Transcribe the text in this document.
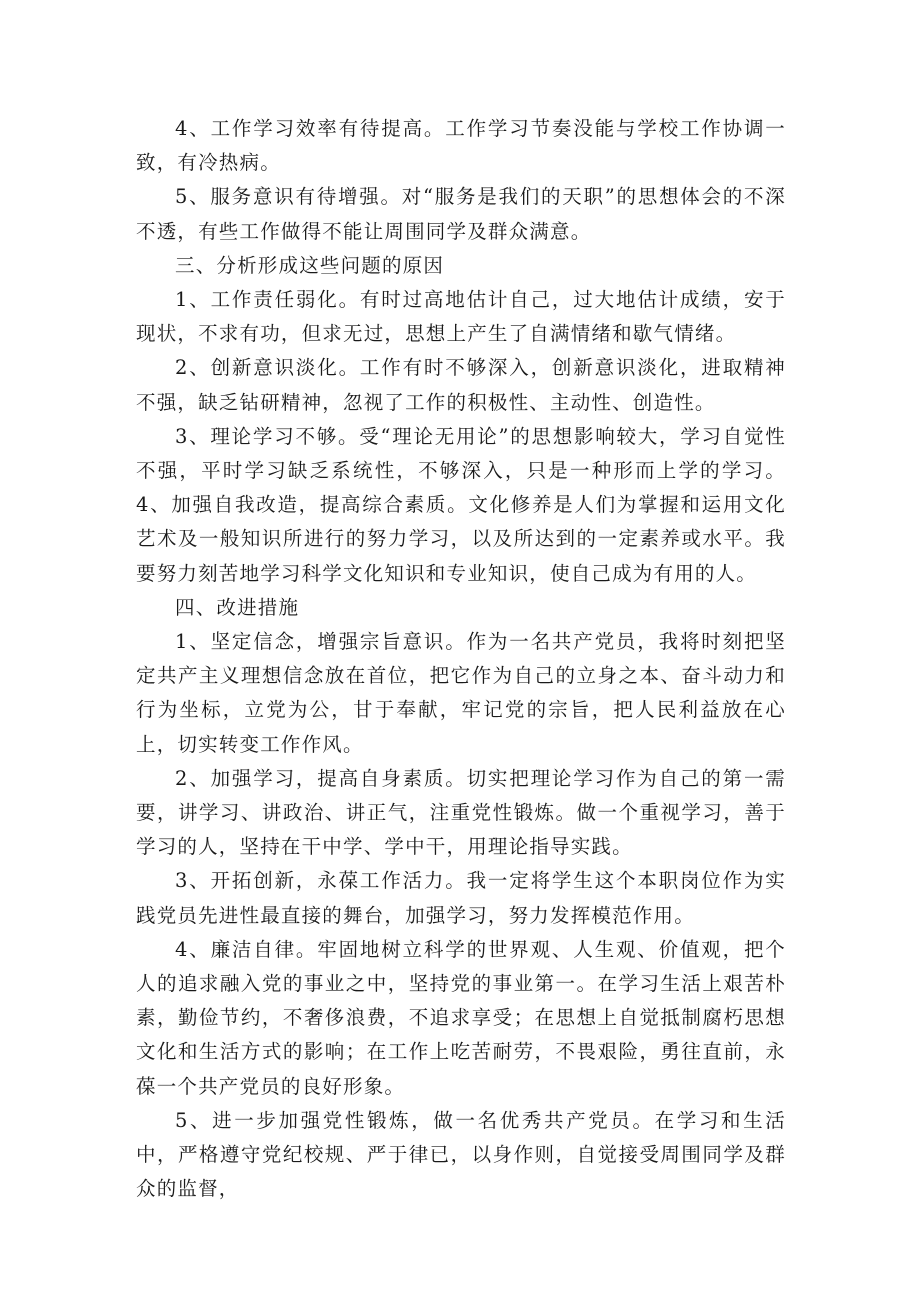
4、工作学习效率有待提高。工作学习节奏没能与学校工作协调一致，有冷热病。

5、服务意识有待增强。对“服务是我们的天职”的思想体会的不深不透，有些工作做得不能让周围同学及群众满意。

三、分析形成这些问题的原因

1、工作责任弱化。有时过高地估计自己，过大地估计成绩，安于现状，不求有功，但求无过，思想上产生了自满情绪和歇气情绪。

2、创新意识淡化。工作有时不够深入，创新意识淡化，进取精神不强，缺乏钻研精神，忽视了工作的积极性、主动性、创造性。

3、理论学习不够。受“理论无用论”的思想影响较大，学习自觉性不强，平时学习缺乏系统性，不够深入，只是一种形而上学的学习。4、加强自我改造，提高综合素质。文化修养是人们为掌握和运用文化艺术及一般知识所进行的努力学习，以及所达到的一定素养或水平。我要努力刻苦地学习科学文化知识和专业知识，使自己成为有用的人。

四、改进措施

1、坚定信念，增强宗旨意识。作为一名共产党员，我将时刻把坚定共产主义理想信念放在首位，把它作为自己的立身之本、奋斗动力和行为坐标，立党为公，甘于奉献，牢记党的宗旨，把人民利益放在心上，切实转变工作作风。

2、加强学习，提高自身素质。切实把理论学习作为自己的第一需要，讲学习、讲政治、讲正气，注重党性锻炼。做一个重视学习，善于学习的人，坚持在干中学、学中干，用理论指导实践。

3、开拓创新，永葆工作活力。我一定将学生这个本职岗位作为实践党员先进性最直接的舞台，加强学习，努力发挥模范作用。

4、廉洁自律。牢固地树立科学的世界观、人生观、价值观，把个人的追求融入党的事业之中，坚持党的事业第一。在学习生活上艰苦朴素，勤俭节约，不奢侈浪费，不追求享受；在思想上自觉抵制腐朽思想文化和生活方式的影响；在工作上吃苦耐劳，不畏艰险，勇往直前，永葆一个共产党员的良好形象。

5、进一步加强党性锻炼，做一名优秀共产党员。在学习和生活中，严格遵守党纪校规、严于律已，以身作则，自觉接受周围同学及群众的监督，
